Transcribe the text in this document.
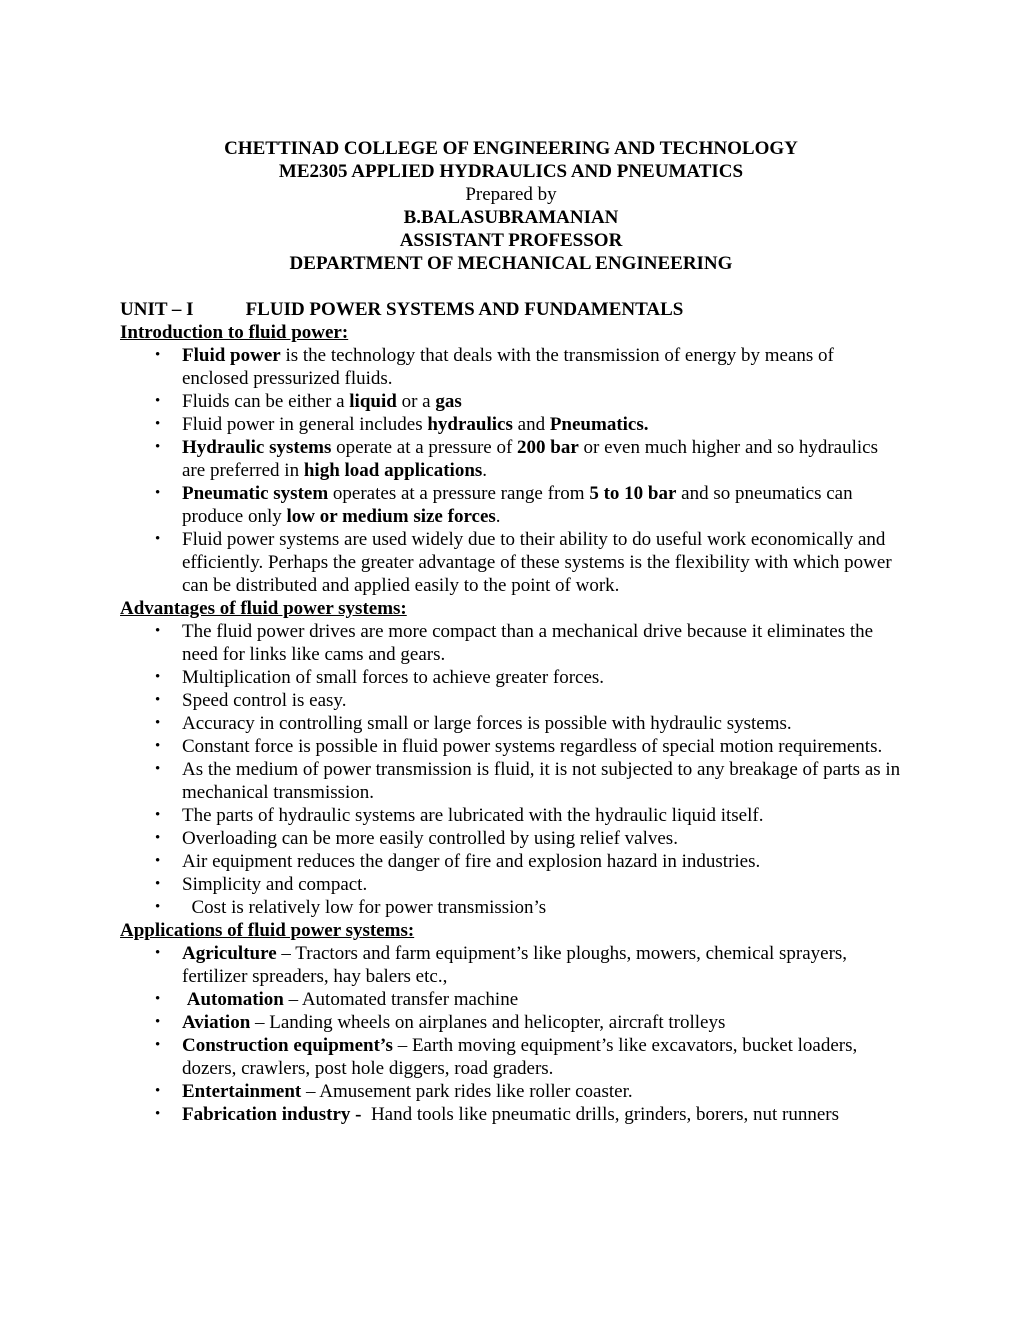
CHETTINAD COLLEGE OF ENGINEERING AND TECHNOLOGY
ME2305 APPLIED HYDRAULICS AND PNEUMATICS
Prepared by
B.BALASUBRAMANIAN
ASSISTANT PROFESSOR
DEPARTMENT OF MECHANICAL ENGINEERING
UNIT – I	FLUID POWER SYSTEMS AND FUNDAMENTALS
Introduction to fluid power:
•	Fluid power is the technology that deals with the transmission of energy by means of enclosed pressurized fluids.
•	Fluids can be either a liquid or a gas
•	Fluid power in general includes hydraulics and Pneumatics.
•	Hydraulic systems operate at a pressure of 200 bar or even much higher and so hydraulics are preferred in high load applications.
•	Pneumatic system operates at a pressure range from 5 to 10 bar and so pneumatics can produce only low or medium size forces.
•	Fluid power systems are used widely due to their ability to do useful work economically and efficiently. Perhaps the greater advantage of these systems is the flexibility with which power can be distributed and applied easily to the point of work.
Advantages of fluid power systems:
•	The fluid power drives are more compact than a mechanical drive because it eliminates the need for links like cams and gears.
•	Multiplication of small forces to achieve greater forces.
•	Speed control is easy.
•	Accuracy in controlling small or large forces is possible with hydraulic systems.
•	Constant force is possible in fluid power systems regardless of special motion requirements.
•	As the medium of power transmission is fluid, it is not subjected to any breakage of parts as in mechanical transmission.
•	The parts of hydraulic systems are lubricated with the hydraulic liquid itself.
•	Overloading can be more easily controlled by using relief valves.
•	Air equipment reduces the danger of fire and explosion hazard in industries.
•	Simplicity and compact.
•	Cost is relatively low for power transmission’s
Applications of fluid power systems:
•	Agriculture – Tractors and farm equipment’s like ploughs, mowers, chemical sprayers, fertilizer spreaders, hay balers etc.,
•	Automation – Automated transfer machine
•	Aviation – Landing wheels on airplanes and helicopter, aircraft trolleys
•	Construction equipment’s – Earth moving equipment’s like excavators, bucket loaders, dozers, crawlers, post hole diggers, road graders.
•	Entertainment – Amusement park rides like roller coaster.
•	Fabrication industry -  Hand tools like pneumatic drills, grinders, borers, nut runners
